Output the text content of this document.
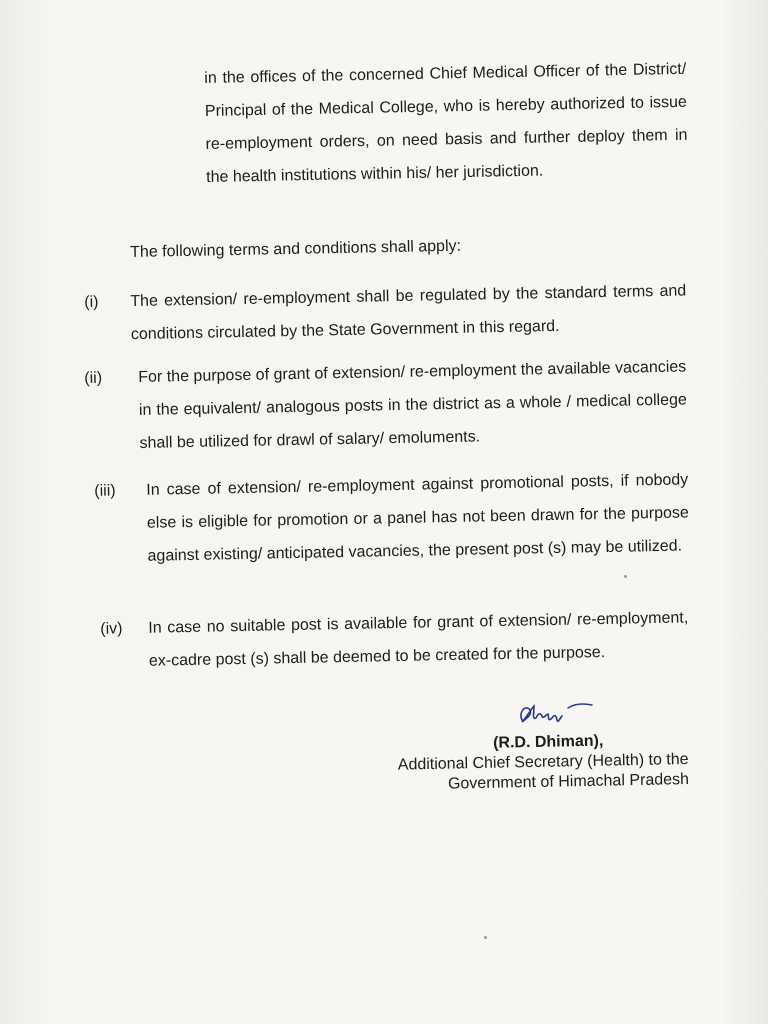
in the offices of the concerned Chief Medical Officer of the District/ Principal of the Medical College, who is hereby authorized to issue re-employment orders, on need basis and further deploy them in the health institutions within his/ her jurisdiction.
The following terms and conditions shall apply:
(i) The extension/ re-employment shall be regulated by the standard terms and conditions circulated by the State Government in this regard.
(ii) For the purpose of grant of extension/ re-employment the available vacancies in the equivalent/ analogous posts in the district as a whole / medical college shall be utilized for drawl of salary/ emoluments.
(iii) In case of extension/ re-employment against promotional posts, if nobody else is eligible for promotion or a panel has not been drawn for the purpose against existing/ anticipated vacancies, the present post (s) may be utilized.
(iv) In case no suitable post is available for grant of extension/ re-employment, ex-cadre post (s) shall be deemed to be created for the purpose.
(R.D. Dhiman),
Additional Chief Secretary (Health) to the
Government of Himachal Pradesh
